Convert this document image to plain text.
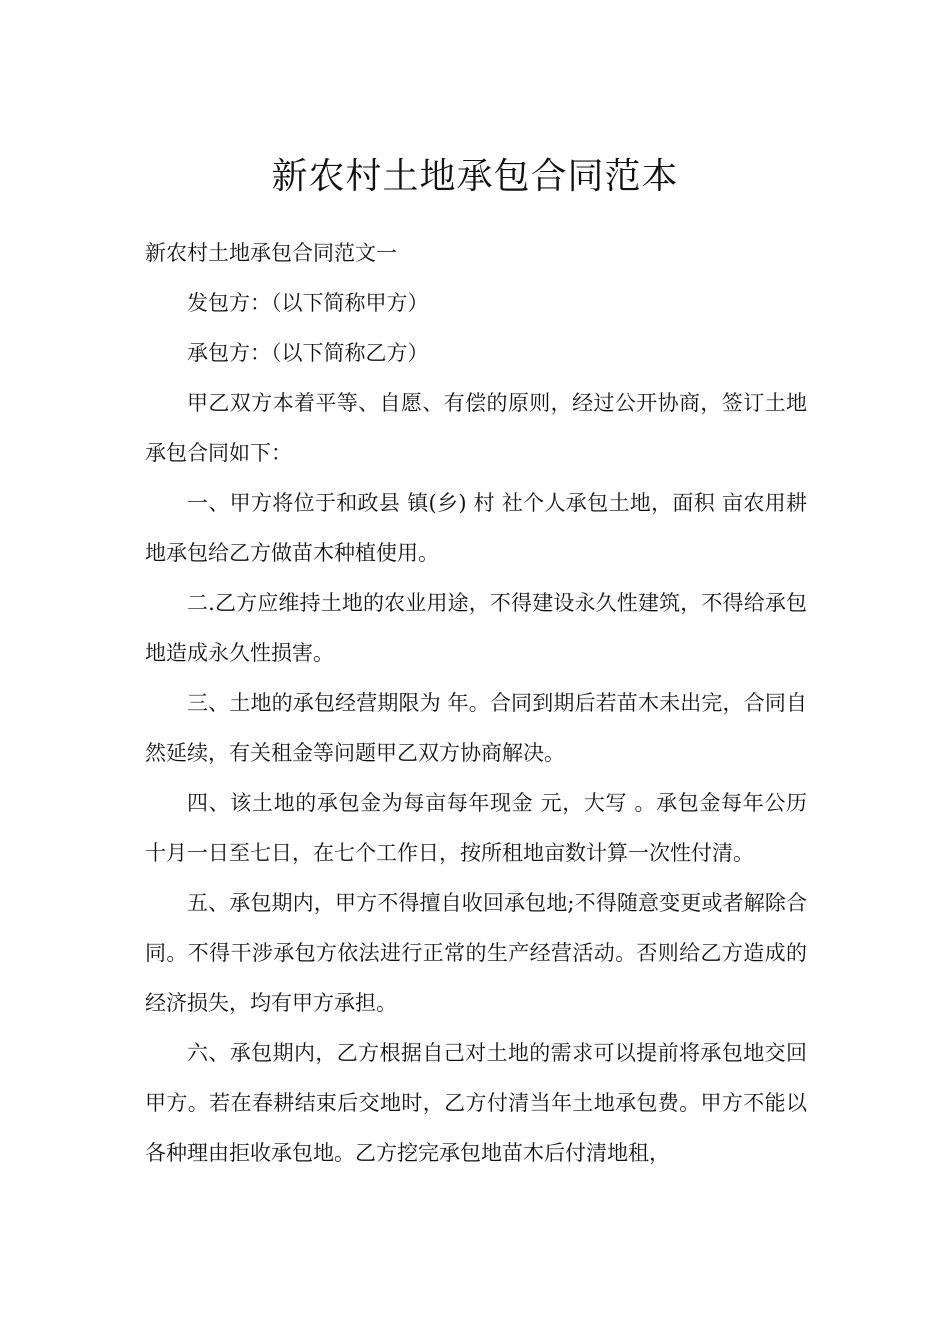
新农村土地承包合同范本

新农村土地承包合同范文一

发包方：（以下简称甲方）

承包方：（以下简称乙方）

甲乙双方本着平等、自愿、有偿的原则，经过公开协商，签订土地承包合同如下：

一、甲方将位于和政县 镇(乡) 村 社个人承包土地，面积 亩农用耕地承包给乙方做苗木种植使用。

二.乙方应维持土地的农业用途，不得建设永久性建筑，不得给承包地造成永久性损害。

三、土地的承包经营期限为 年。合同到期后若苗木未出完，合同自然延续，有关租金等问题甲乙双方协商解决。

四、该土地的承包金为每亩每年现金 元，大写 。承包金每年公历十月一日至七日，在七个工作日，按所租地亩数计算一次性付清。

五、承包期内，甲方不得擅自收回承包地;不得随意变更或者解除合同。不得干涉承包方依法进行正常的生产经营活动。否则给乙方造成的经济损失，均有甲方承担。

六、承包期内，乙方根据自己对土地的需求可以提前将承包地交回甲方。若在春耕结束后交地时，乙方付清当年土地承包费。甲方不能以各种理由拒收承包地。乙方挖完承包地苗木后付清地租，
